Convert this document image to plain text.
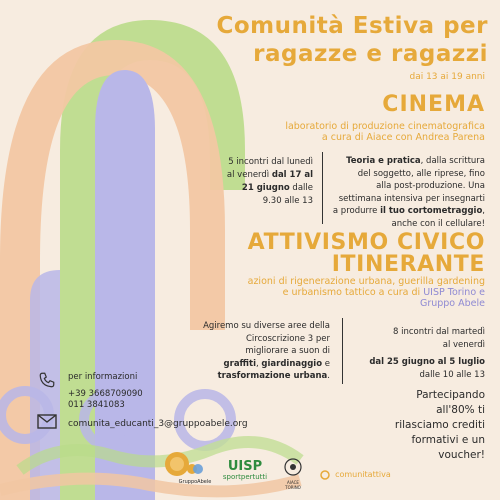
Comunità Estiva per
ragazze e ragazzi
dai 13 ai 19 anni
CINEMA
laboratorio di produzione cinematografica
a cura di Aiace con Andrea Parena
5 incontri dal lunedì
al venerdì dal 17 al
21 giugno dalle
9.30 alle 13
Teoria e pratica, dalla scrittura
del soggetto, alle riprese, fino
alla post-produzione. Una
settimana intensiva per insegnarti
a produrre il tuo cortometraggio,
anche con il cellulare!
ATTIVISMO CIVICO
ITINERANTE
azioni di rigenerazione urbana, guerilla gardening
e urbanismo tattico a cura di UISP Torino e
Gruppo Abele
Agiremo su diverse aree della
Circoscrizione 3 per
migliorare a suon di
graffiti, giardinaggio e
trasformazione urbana.
8 incontri dal martedì
al venerdì
dal 25 giugno al 5 luglio
dalle 10 alle 13
Partecipando
all'80% ti
rilasciamo crediti
formativi e un
voucher!
per informazioni
+39 3668709090
011 3841083
comunita_educanti_3@gruppoabele.org
GruppoAbele
UISP
sportpertutti
AIACE TORINO
comunitattiva
